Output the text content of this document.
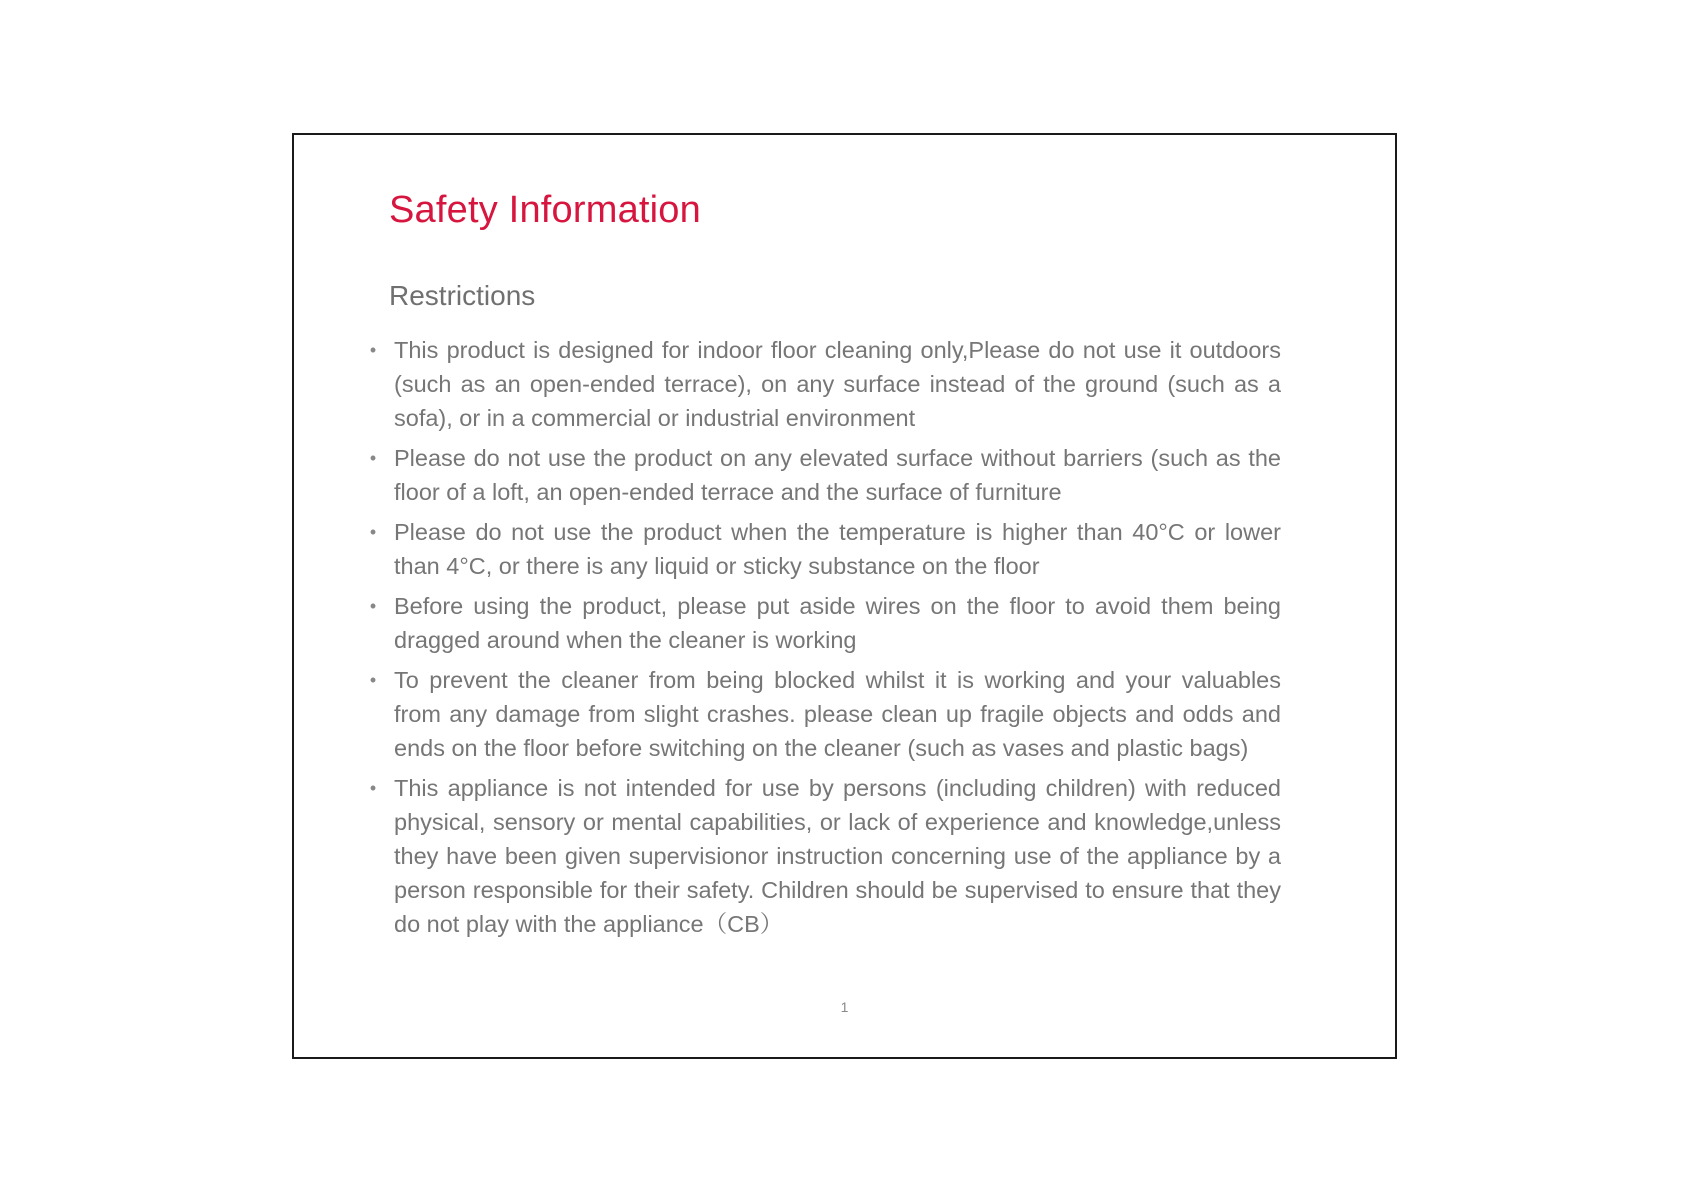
Safety Information
Restrictions
• This product is designed for indoor floor cleaning only,Please do not use it outdoors (such as an open-ended terrace), on any surface instead of the ground (such as a sofa), or in a commercial or industrial environment
• Please do not use the product on any elevated surface without barriers (such as the floor of a loft, an open-ended terrace and the surface of furniture
• Please do not use the product when the temperature is higher than 40°C or lower than 4°C, or there is any liquid or sticky substance on the floor
• Before using the product, please put aside wires on the floor to avoid them being dragged around when the cleaner is working
• To prevent the cleaner from being blocked whilst it is working and your valuables from any damage from slight crashes. please clean up fragile objects and odds and ends on the floor before switching on the cleaner (such as vases and plastic bags)
• This appliance is not intended for use by persons (including children) with reduced physical, sensory or mental capabilities, or lack of experience and knowledge,unless they have been given supervisionor instruction concerning use of the appliance by a person responsible for their safety. Children should be supervised to ensure that they do not play with the appliance（CB）
1
